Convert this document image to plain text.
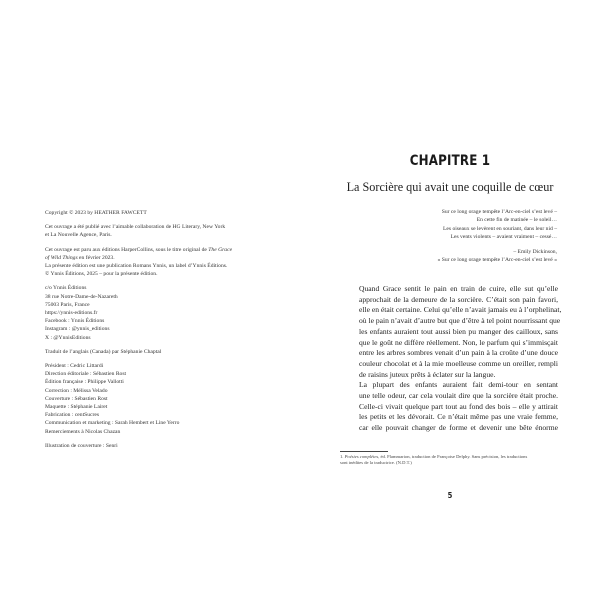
Copyright © 2023 by HEATHER FAWCETT

Cet ouvrage a été publié avec l’aimable collaboration de HG Literary, New York
et La Nouvelle Agence, Paris.

Cet ouvrage est paru aux éditions HarperCollins, sous le titre original de The Grace
of Wild Things en février 2023.
La présente édition est une publication Romans Ynnis, un label d’Ynnis Éditions.
© Ynnis Éditions, 2025 – pour la présente édition.

c/o Ynnis Éditions
38 rue Notre-Dame-de-Nazareth
75003 Paris, France
https://ynnis-editions.fr
Facebook : Ynnis Éditions
Instagram : @ynnis_editions
X : @YnnisEditions

Traduit de l’anglais (Canada) par Stéphanie Chaptal

Président : Cedric Littardi
Direction éditoriale : Sébastien Rost
Édition française : Philippe Vallotti
Correction : Mélissa Velado
Couverture : Sébastien Rost
Maquette : Stéphanie Lairet
Fabrication : centSucres
Communication et marketing : Sarah Hembert et Line Yerro
Remerciements à Nicolas Chazan

Illustration de couverture : Senri

CHAPITRE 1
La Sorcière qui avait une coquille de cœur
Sur ce long orage tempête l’Arc-en-ciel s’est levé –
En cette fin de matinée – le soleil…
Les oiseaux se levèrent en souriant, dans leur nid –
Les vents violents – avaient vraiment – cessé…
– Emily Dickinson,
« Sur ce long orage tempête l’Arc-en-ciel s’est levé »

Quand Grace sentit le pain en train de cuire, elle sut qu’elle
approchait de la demeure de la sorcière. C’était son pain favori,
elle en était certaine. Celui qu’elle n’avait jamais eu à l’orphelinat,
où le pain n’avait d’autre but que d’être à tel point nourrissant que
les enfants auraient tout aussi bien pu manger des cailloux, sans
que le goût ne diffère réellement. Non, le parfum qui s’immisçait
entre les arbres sombres venait d’un pain à la croûte d’une douce
couleur chocolat et à la mie moelleuse comme un oreiller, rempli
de raisins juteux prêts à éclater sur la langue.

La plupart des enfants auraient fait demi-tour en sentant
une telle odeur, car cela voulait dire que la sorcière était proche.
Celle-ci vivait quelque part tout au fond des bois – elle y attirait
les petits et les dévorait. Ce n’était même pas une vraie femme,
car elle pouvait changer de forme et devenir une bête énorme

1. Poésies complètes, éd. Flammarion, traduction de Françoise Delphy. Sans précision, les traductions
sont inédites de la traductrice. (N.D.T.)
5
